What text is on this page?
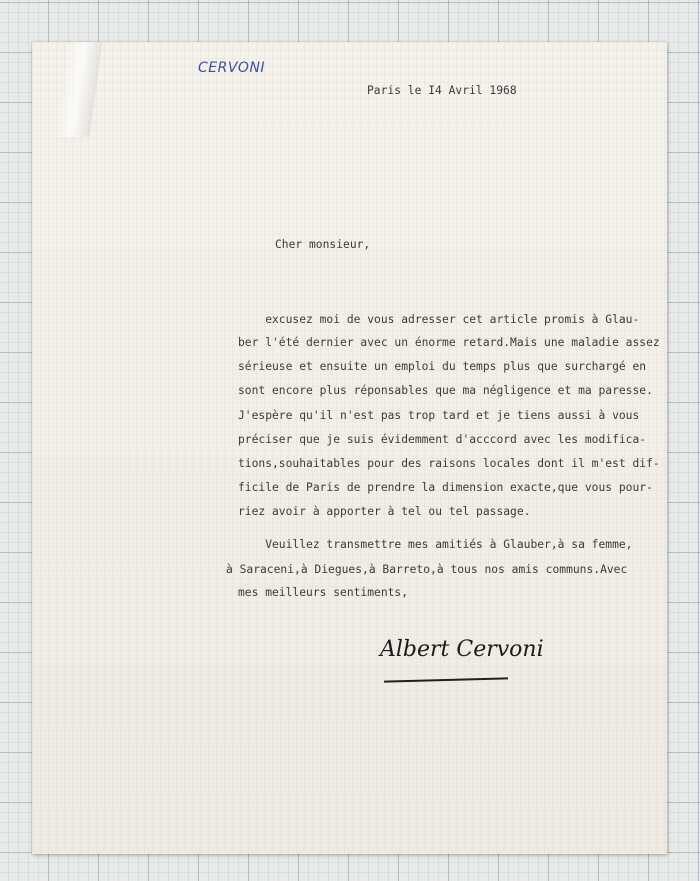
CERVONI
Paris le I4 Avril 1968
Cher monsieur,

excusez moi de vous adresser cet article promis à Glau-

ber l'été dernier avec un énorme retard.Mais une maladie assez

sérieuse et ensuite un emploi du temps plus que surchargé en

sont encore plus réponsables que ma négligence et ma paresse.

J'espère qu'il n'est pas trop tard et je tiens aussi à vous

préciser que je suis évidemment d'acccord avec les modifica-

tions,souhaitables pour des raisons locales dont il m'est dif-

ficile de Paris de prendre la dimension exacte,que vous pour-

riez avoir à apporter à tel ou tel passage.

Veuillez transmettre mes amitiés à Glauber,à sa femme,

à Saraceni,à Diegues,à Barreto,à tous nos amis communs.Avec

mes meilleurs sentiments,

Albert Cervoni
